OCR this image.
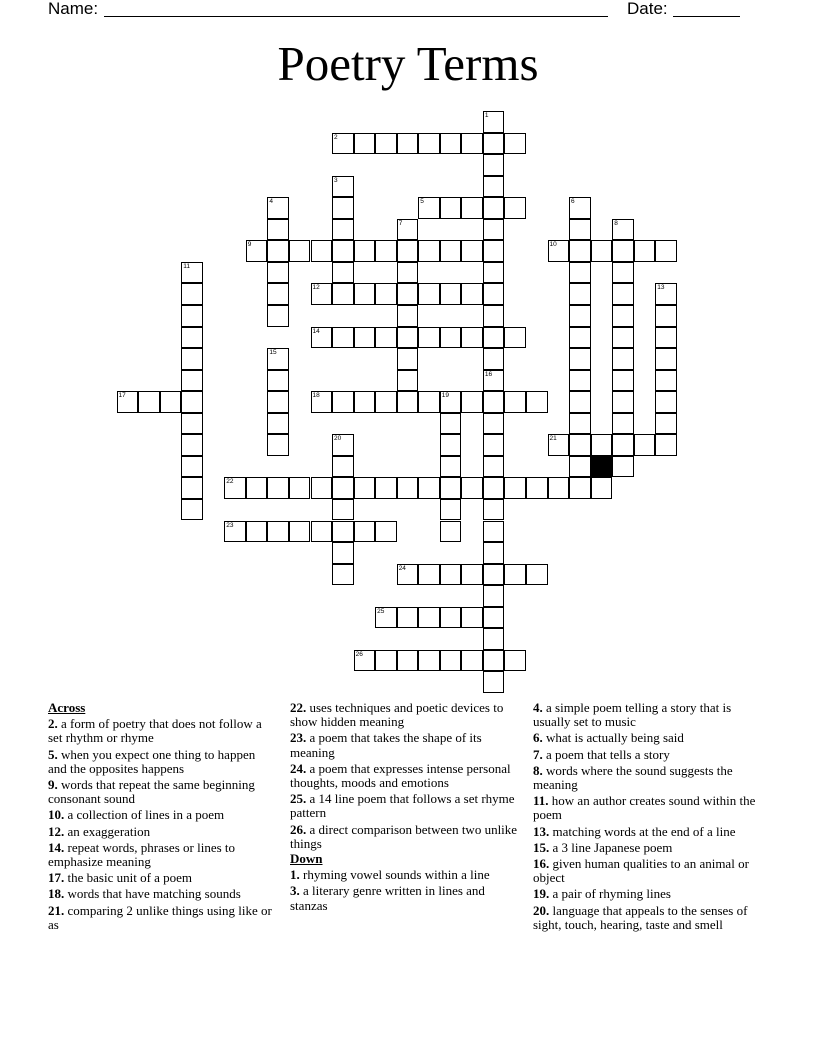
Name:	Date:
Poetry Terms
1
16
2
3
4	5	6
7	8
9	10
11
12	13
14
15
17	18	19
20	21
22
23
24
25
26
Across
2. a form of poetry that does not follow a set rhythm or rhyme
5. when you expect one thing to happen and the opposites happens
9. words that repeat the same beginning consonant sound
10. a collection of lines in a poem
12. an exaggeration
14. repeat words, phrases or lines to emphasize meaning
17. the basic unit of a poem
18. words that have matching sounds
21. comparing 2 unlike things using like or as
22. uses techniques and poetic devices to show hidden meaning
23. a poem that takes the shape of its meaning
24. a poem that expresses intense personal thoughts, moods and emotions
25. a 14 line poem that follows a set rhyme pattern
26. a direct comparison between two unlike things
Down
1. rhyming vowel sounds within a line
3. a literary genre written in lines and stanzas
4. a simple poem telling a story that is usually set to music
6. what is actually being said
7. a poem that tells a story
8. words where the sound suggests the meaning
11. how an author creates sound within the poem
13. matching words at the end of a line
15. a 3 line Japanese poem
16. given human qualities to an animal or object
19. a pair of rhyming lines
20. language that appeals to the senses of sight, touch, hearing, taste and smell
